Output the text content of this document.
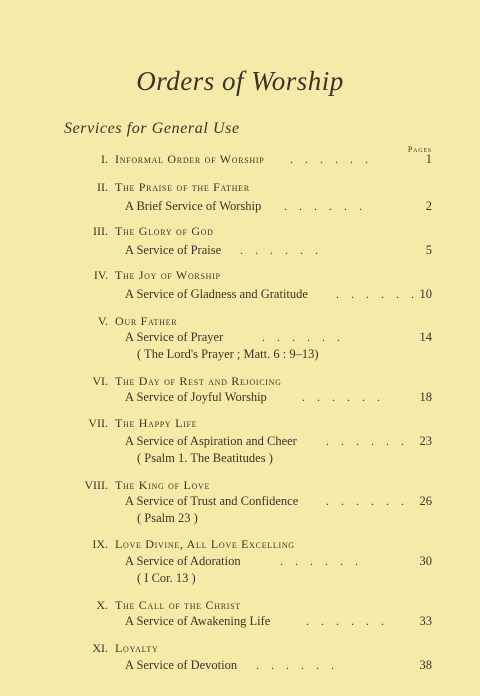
Orders of Worship
Services for General Use
Pages
I. Informal Order of Worship .	1
II. The Praise of the Father
A Brief Service of Worship .	2
III. The Glory of God
A Service of Praise .	5
IV. The Joy of Worship
A Service of Gladness and Gratitude .	10
V. Our Father
A Service of Prayer .	14
( The Lord's Prayer ; Matt. 6 : 9–13)
VI. The Day of Rest and Rejoicing
A Service of Joyful Worship .	18
VII. The Happy Life
A Service of Aspiration and Cheer .	23
( Psalm 1. The Beatitudes )
VIII. The King of Love
A Service of Trust and Confidence .	26
( Psalm 23 )
IX. Love Divine, All Love Excelling
A Service of Adoration .	30
( I Cor. 13 )
X. The Call of the Christ
A Service of Awakening Life .	33
XI. Loyalty
A Service of Devotion .	38
